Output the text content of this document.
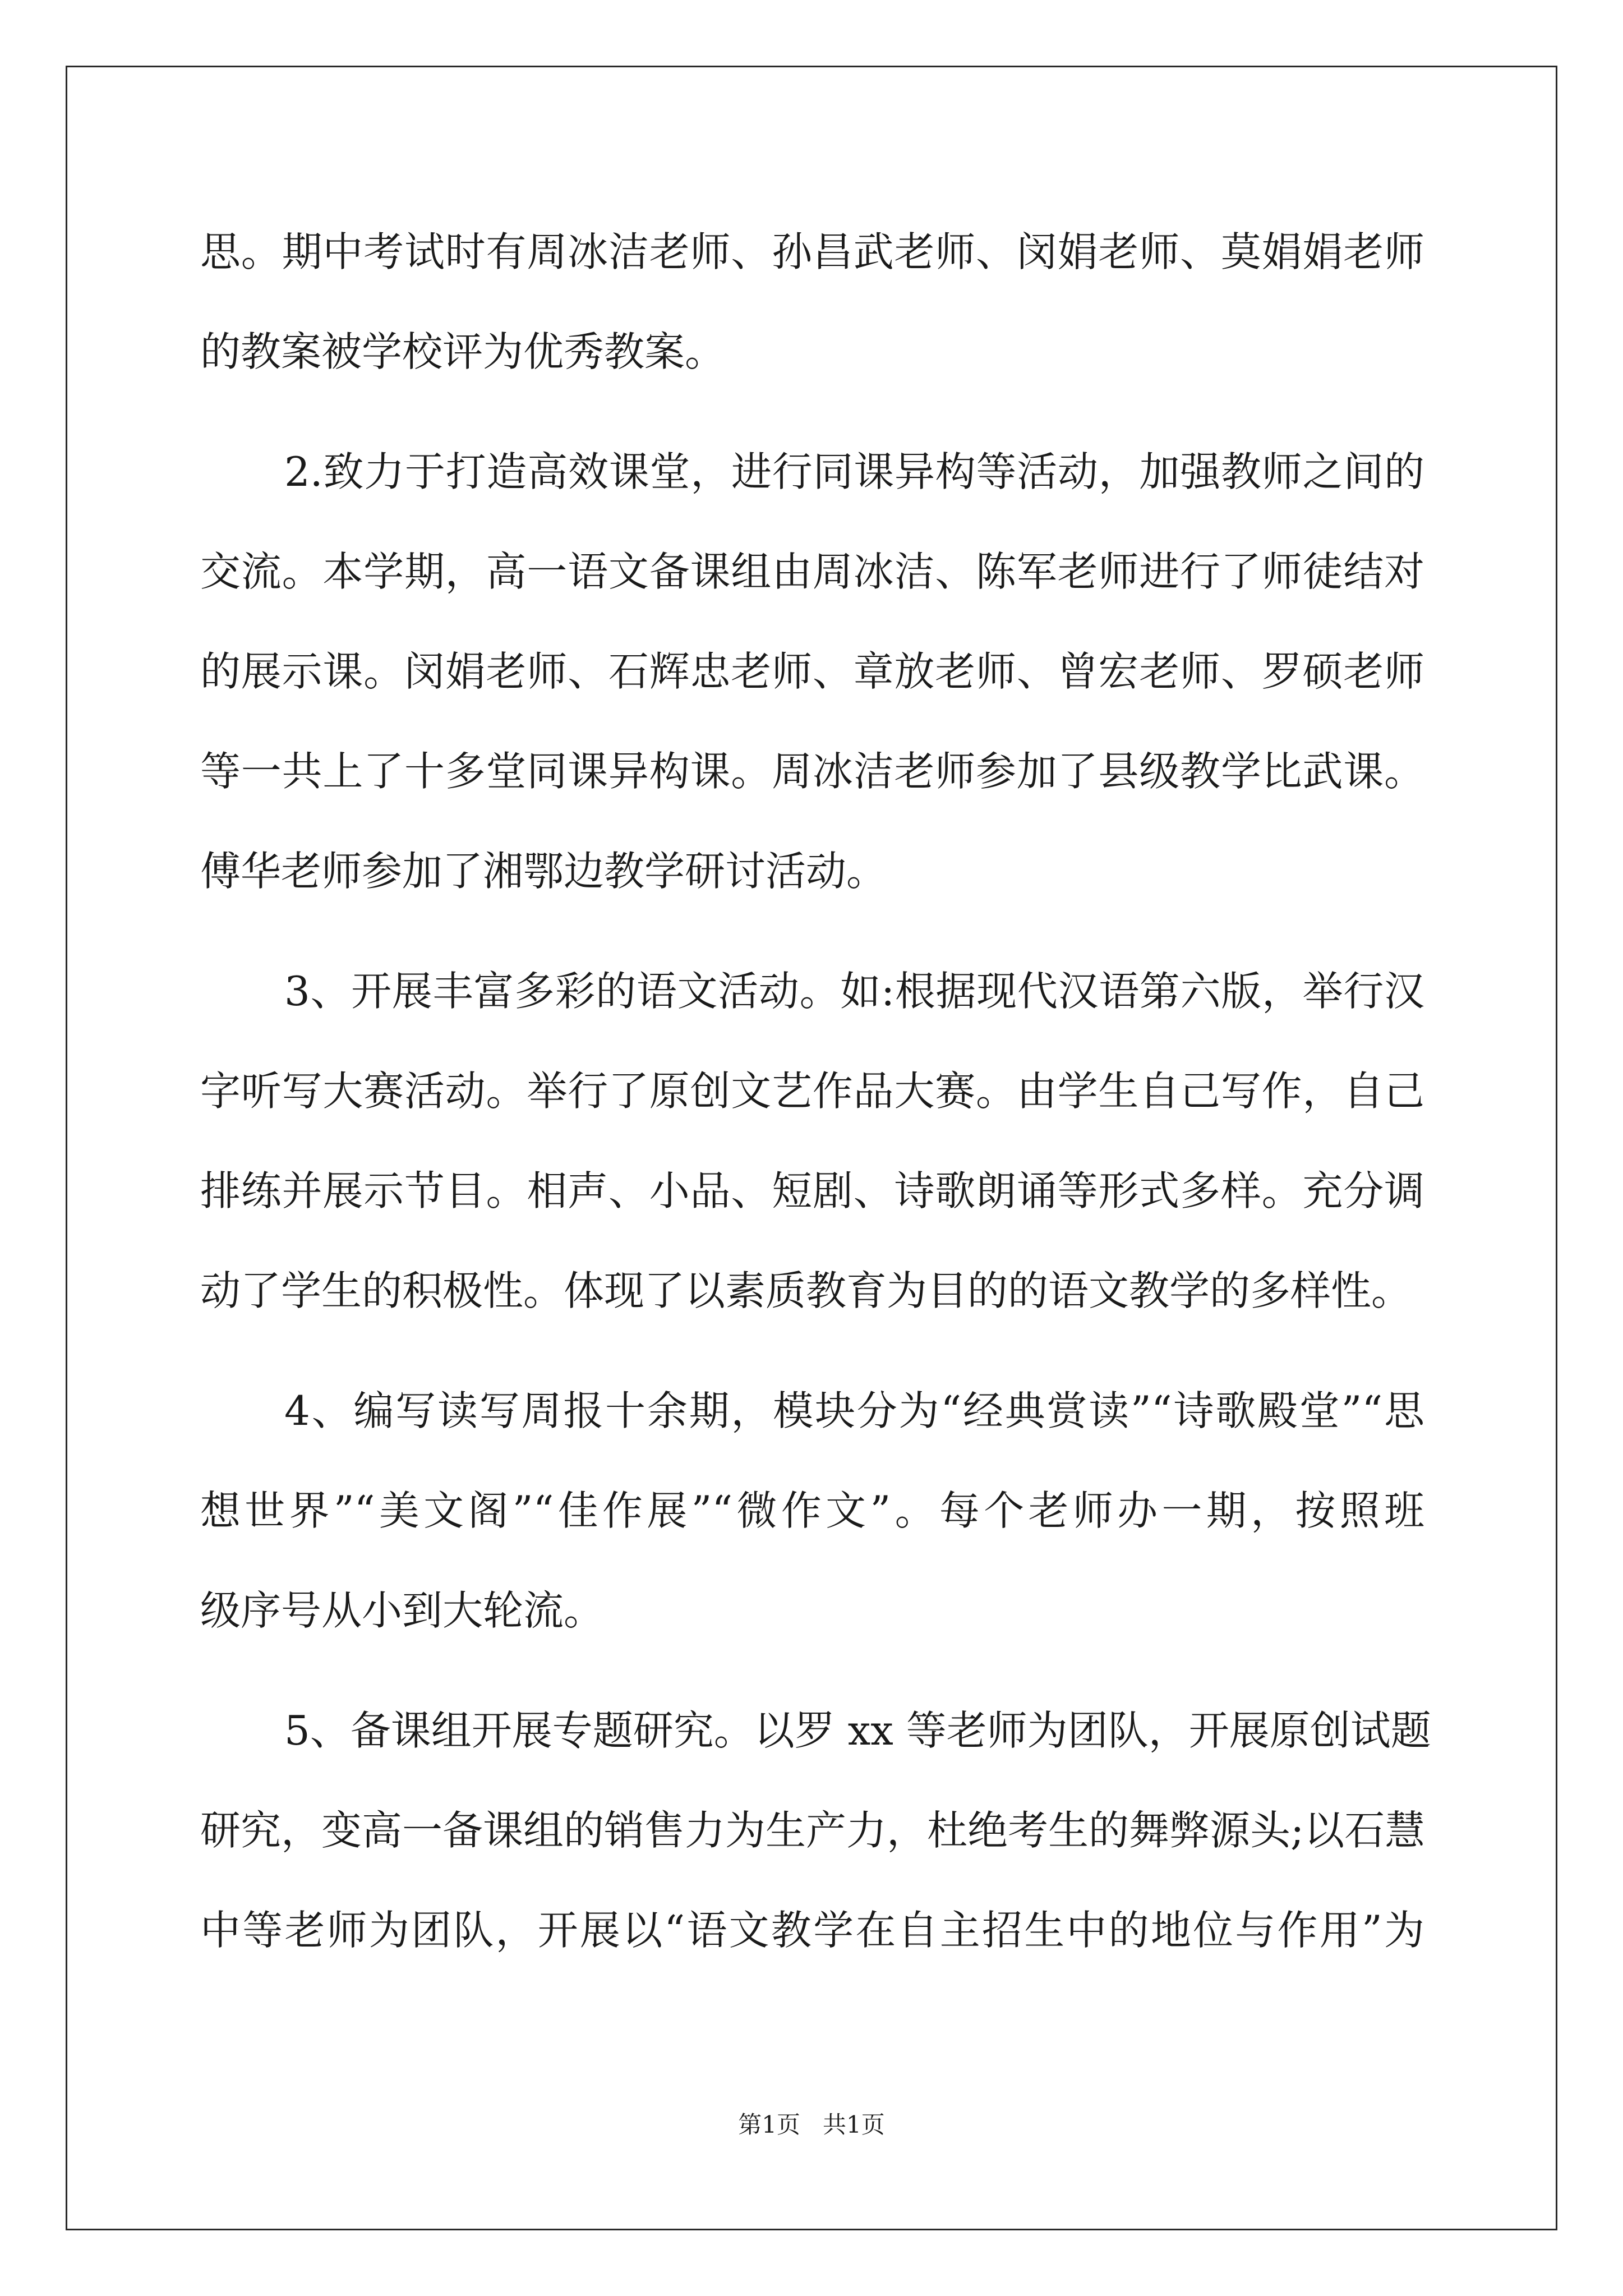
思。期中考试时有周冰洁老师、孙昌武老师、闵娟老师、莫娟娟老师
的教案被学校评为优秀教案。
2.致力于打造高效课堂，进行同课异构等活动，加强教师之间的
交流。本学期，高一语文备课组由周冰洁、陈军老师进行了师徒结对
的展示课。闵娟老师、石辉忠老师、章放老师、曾宏老师、罗硕老师
等一共上了十多堂同课异构课。周冰洁老师参加了县级教学比武课。
傅华老师参加了湘鄂边教学研讨活动。
3、开展丰富多彩的语文活动。如:根据现代汉语第六版，举行汉
字听写大赛活动。举行了原创文艺作品大赛。由学生自己写作，自己
排练并展示节目。相声、小品、短剧、诗歌朗诵等形式多样。充分调
动了学生的积极性。体现了以素质教育为目的的语文教学的多样性。
4、编写读写周报十余期，模块分为“经典赏读”“诗歌殿堂”“思
想世界”“美文阁”“佳作展”“微作文”。每个老师办一期，按照班
级序号从小到大轮流。
5、备课组开展专题研究。以罗 xx 等老师为团队，开展原创试题
研究，变高一备课组的销售力为生产力，杜绝考生的舞弊源头;以石慧
中等老师为团队，开展以“语文教学在自主招生中的地位与作用”为
第1页   共1页
